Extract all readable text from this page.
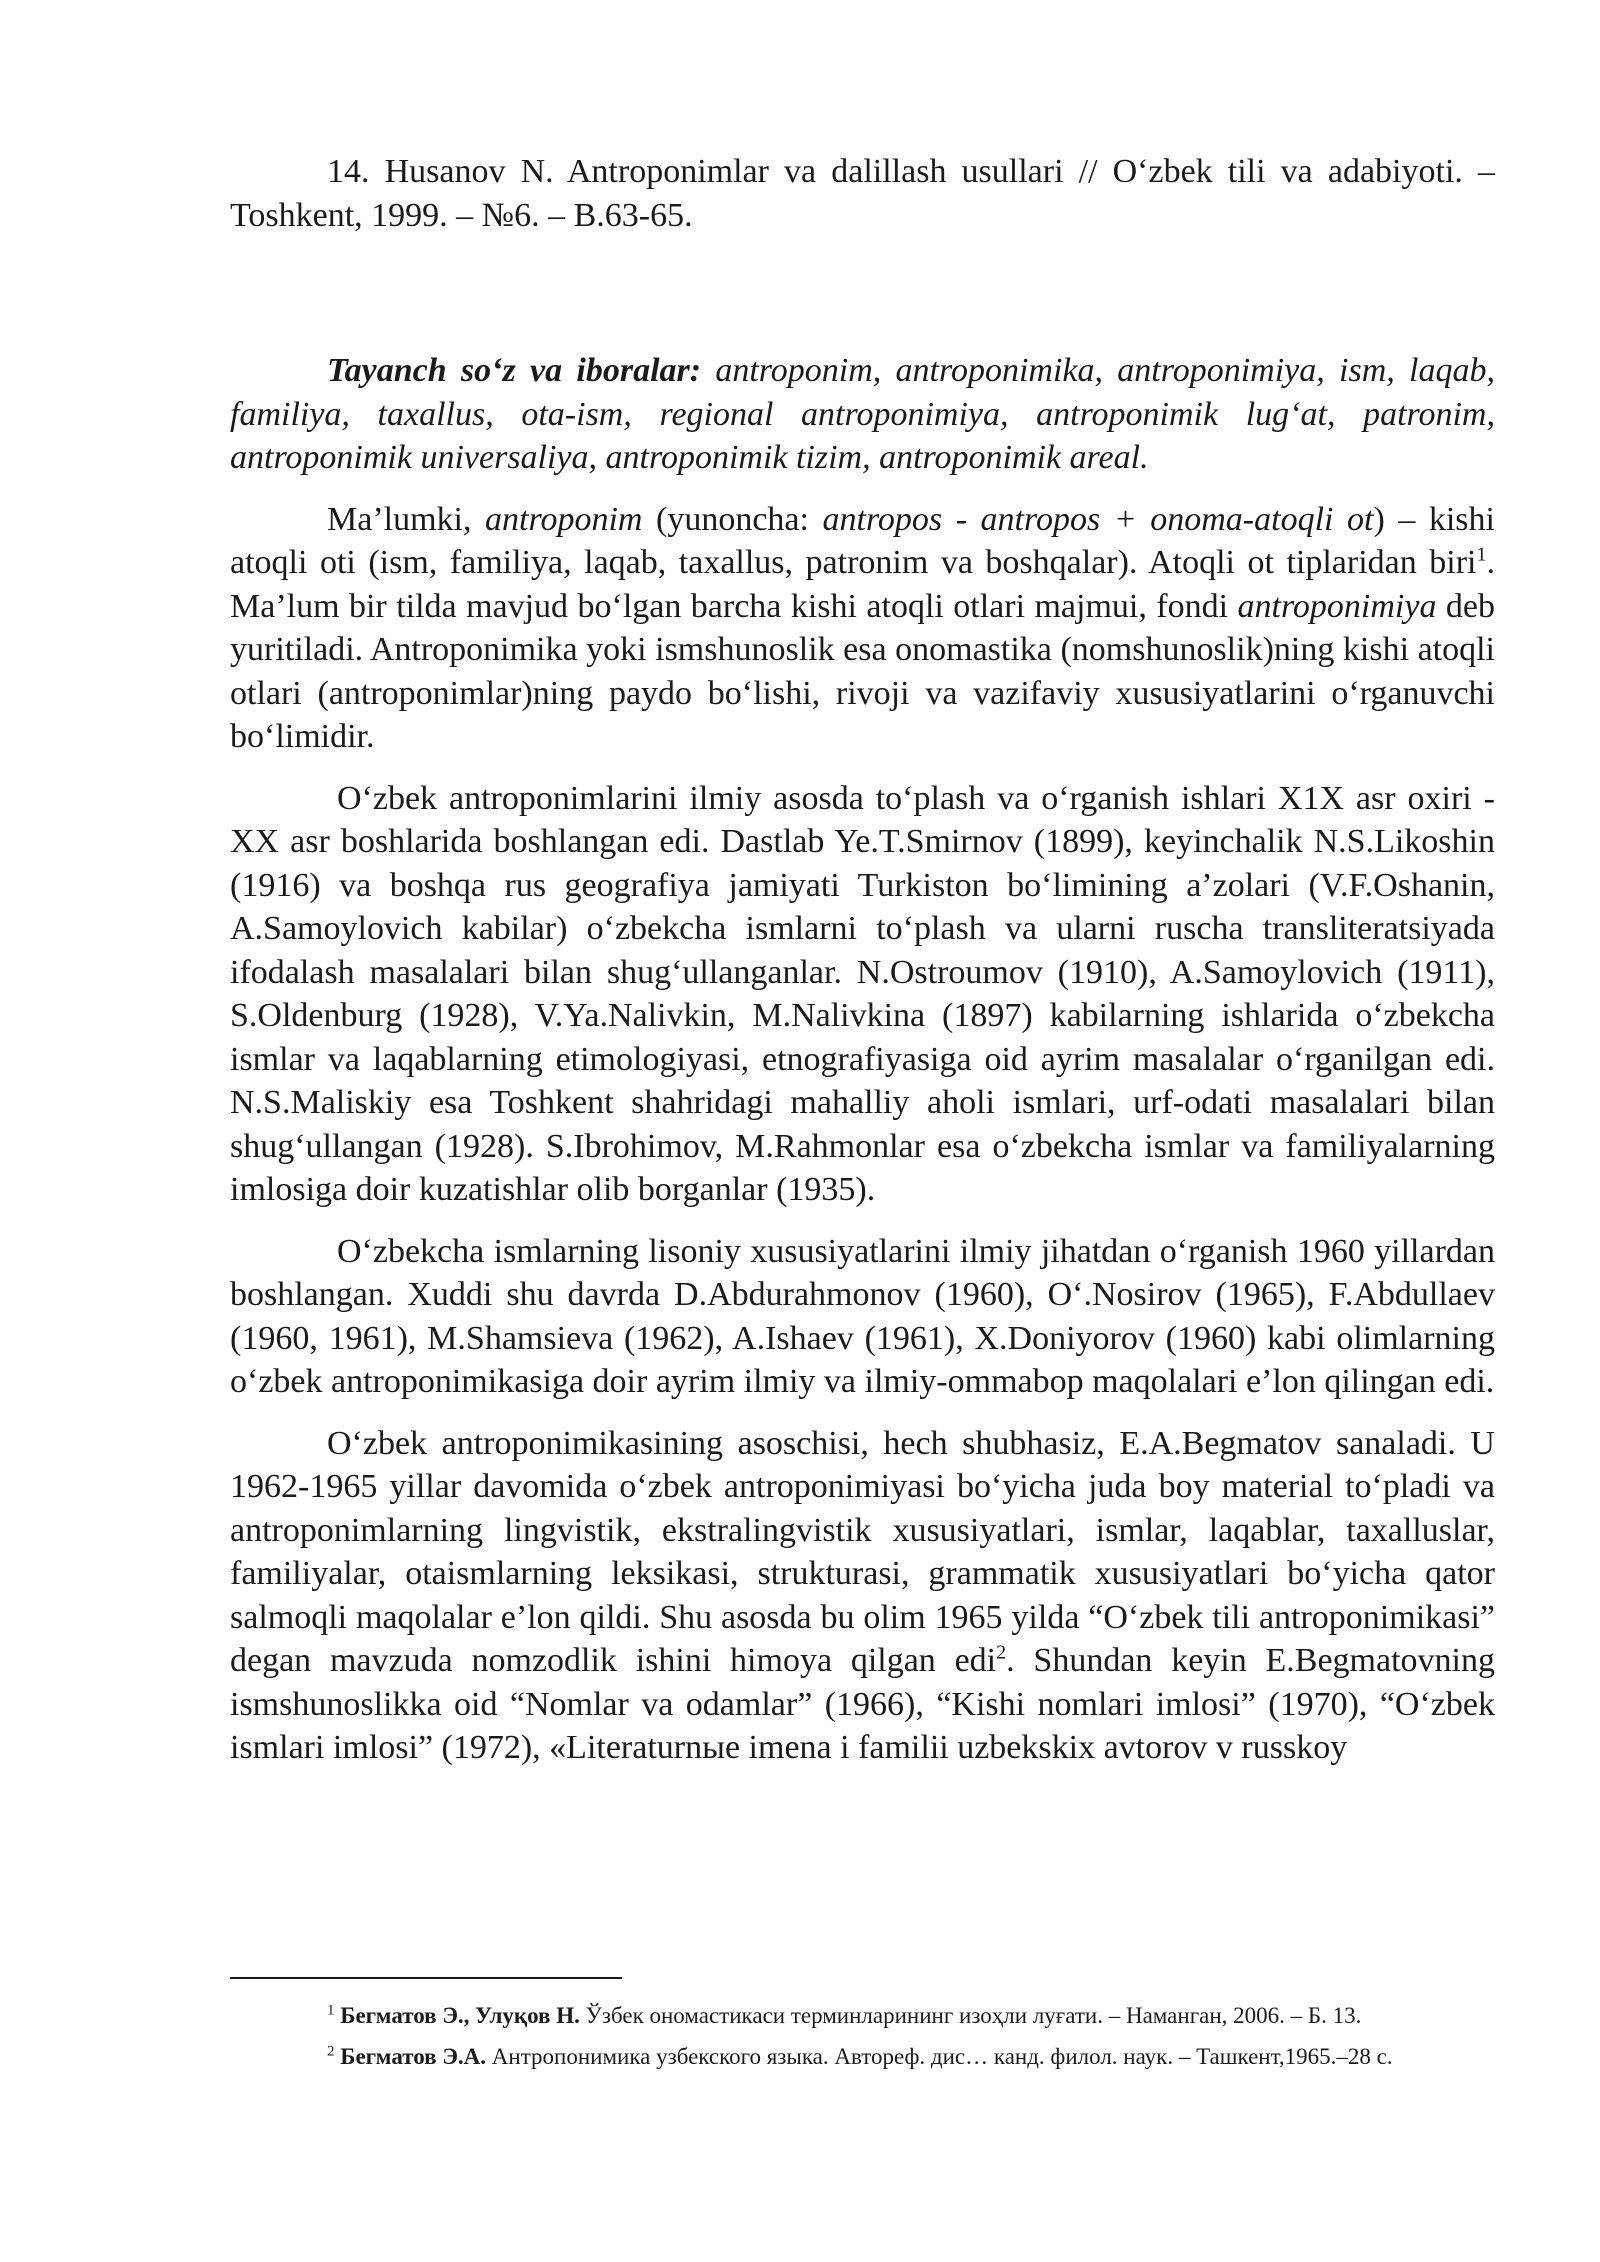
14. Husanov N. Antroponimlar va dalillash usullari // O‘zbek tili va adabiyoti. – Toshkent, 1999. – №6. – B.63-65.

Tayanch so‘z va iboralar: antroponim, antroponimika, antroponimiya, ism, laqab, familiya, taxallus, ota-ism, regional antroponimiya, antroponimik lug‘at, patronim, antroponimik universaliya, antroponimik tizim, antroponimik areal.

Ma’lumki, antroponim (yunoncha: antropos - antropos + onoma-atoqli ot) – kishi atoqli oti (ism, familiya, laqab, taxallus, patronim va boshqalar). Atoqli ot tiplaridan biri$^1$. Ma’lum bir tilda mavjud bo‘lgan barcha kishi atoqli otlari majmui, fondi antroponimiya deb yuritiladi. Antroponimika yoki ismshunoslik esa onomastika (nomshunoslik)ning kishi atoqli otlari (antroponimlar)ning paydo bo‘lishi, rivoji va vazifaviy xususiyatlarini o‘rganuvchi bo‘limidir.

O‘zbek antroponimlarini ilmiy asosda to‘plash va o‘rganish ishlari X1X asr oxiri -XX asr boshlarida boshlangan edi. Dastlab Ye.T.Smirnov (1899), keyinchalik N.S.Likoshin (1916) va boshqa rus geografiya jamiyati Turkiston bo‘limining a’zolari (V.F.Oshanin, A.Samoylovich kabilar) o‘zbekcha ismlarni to‘plash va ularni ruscha transliteratsiyada ifodalash masalalari bilan shug‘ullanganlar. N.Ostroumov (1910), A.Samoylovich (1911), S.Oldenburg (1928), V.Ya.Nalivkin, M.Nalivkina (1897) kabilarning ishlarida o‘zbekcha ismlar va laqablarning etimologiyasi, etnografiyasiga oid ayrim masalalar o‘rganilgan edi. N.S.Maliskiy esa Toshkent shahridagi mahalliy aholi ismlari, urf-odati masalalari bilan shug‘ullangan (1928). S.Ibrohimov, M.Rahmonlar esa o‘zbekcha ismlar va familiyalarning imlosiga doir kuzatishlar olib borganlar (1935).

O‘zbekcha ismlarning lisoniy xususiyatlarini ilmiy jihatdan o‘rganish 1960 yillardan boshlangan. Xuddi shu davrda D.Abdurahmonov (1960), O‘.Nosirov (1965), F.Abdullaev (1960, 1961), M.Shamsieva (1962), A.Ishaev (1961), X.Doniyorov (1960) kabi olimlarning o‘zbek antroponimikasiga doir ayrim ilmiy va ilmiy-ommabop maqolalari e’lon qilingan edi.

O‘zbek antroponimikasining asoschisi, hech shubhasiz, E.A.Begmatov sanaladi. U 1962-1965 yillar davomida o‘zbek antroponimiyasi bo‘yicha juda boy material to‘pladi va antroponimlarning lingvistik, ekstralingvistik xususiyatlari, ismlar, laqablar, taxalluslar, familiyalar, otaismlarning leksikasi, strukturasi, grammatik xususiyatlari bo‘yicha qator salmoqli maqolalar e’lon qildi. Shu asosda bu olim 1965 yilda “O‘zbek tili antroponimikasi” degan mavzuda nomzodlik ishini himoya qilgan edi$^2$. Shundan keyin E.Begmatovning ismshunoslikka oid “Nomlar va odamlar” (1966), “Kishi nomlari imlosi” (1970), “O‘zbek ismlari imlosi” (1972), «Literaturnыe imena i familii uzbekskix avtorov v russkoy

$^1$ Бегматов Э., Улуқов Н. Ўзбек ономастикаси терминларининг изоҳли луғати. – Наманган, 2006. – Б. 13.

$^2$ Бегматов Э.А. Антропонимика узбекского языка. Автореф. дис… канд. филол. наук. – Ташкент,1965.–28 с.
